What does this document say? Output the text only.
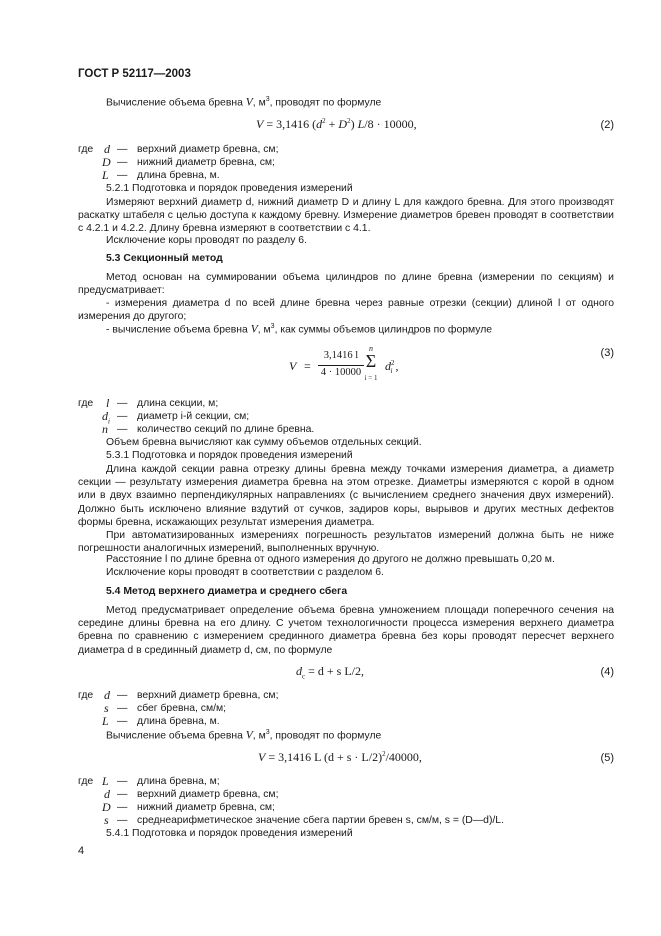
ГОСТ Р 52117—2003
Вычисление объема бревна V, $м^3$, проводят по формуле
V = 3,1416 $(d^2 + D^2) L/8 \cdot 10000$,	(2)
где d — верхний диаметр бревна, см;
D — нижний диаметр бревна, см;
L — длина бревна, м.
5.2.1 Подготовка и порядок проведения измерений
Измеряют верхний диаметр d, нижний диаметр D и длину L для каждого бревна. Для этого производят раскатку штабеля с целью доступа к каждому бревну. Измерение диаметров бревен проводят в соответствии с 4.2.1 и 4.2.2. Длину бревна измеряют в соответствии с 4.1.
Исключение коры проводят по разделу 6.
5.3 Секционный метод
Метод основан на суммировании объема цилиндров по длине бревна (измерении по секциям) и предусматривает:
- измерения диаметра d по всей длине бревна через равные отрезки (секции) длиной l от одного измерения до другого;
- вычисление объема бревна V, $м^3$, как суммы объемов цилиндров по формуле
V =
3,1416 l
4 · 10000
n
Σ
i = 1
$d^2_i$ ,
(3)
где l — длина секции, м;
$d_i$ — диаметр i-й секции, см;
n — количество секций по длине бревна.
Объем бревна вычисляют как сумму объемов отдельных секций.
5.3.1 Подготовка и порядок проведения измерений
Длина каждой секции равна отрезку длины бревна между точками измерения диаметра, а диаметр секции — результату измерения диаметра бревна на этом отрезке. Диаметры измеряются с корой в одном или в двух взаимно перпендикулярных направлениях (с вычислением среднего значения двух измерений). Должно быть исключено влияние вздутий от сучков, задиров коры, вырывов и других местных дефектов формы бревна, искажающих результат измерения диаметра.
При автоматизированных измерениях погрешность результатов измерений должна быть не ниже погрешности аналогичных измерений, выполненных вручную.
Расстояние l по длине бревна от одного измерения до другого не должно превышать 0,20 м.
Исключение коры проводят в соответствии с разделом 6.
5.4 Метод верхнего диаметра и среднего сбега
Метод предусматривает определение объема бревна умножением площади поперечного сечения на середине длины бревна на его длину. С учетом технологичности процесса измерения верхнего диаметра бревна по сравнению с измерением срединного диаметра бревна без коры проводят пересчет верхнего диаметра d в срединный диаметр d, см, по формуле
$d_c = d + s$ L/2,	(4)
где d — верхний диаметр бревна, см;
s — сбег бревна, см/м;
L — длина бревна, м.
Вычисление объема бревна V, $м^3$, проводят по формуле
V = 3,1416 L $(d + s \cdot L/2)^2/40000$,	(5)
где L — длина бревна, м;
d — верхний диаметр бревна, см;
D — нижний диаметр бревна, см;
s — среднеарифметическое значение сбега партии бревен s, см/м, s = (D—d)/L.
5.4.1 Подготовка и порядок проведения измерений
4
